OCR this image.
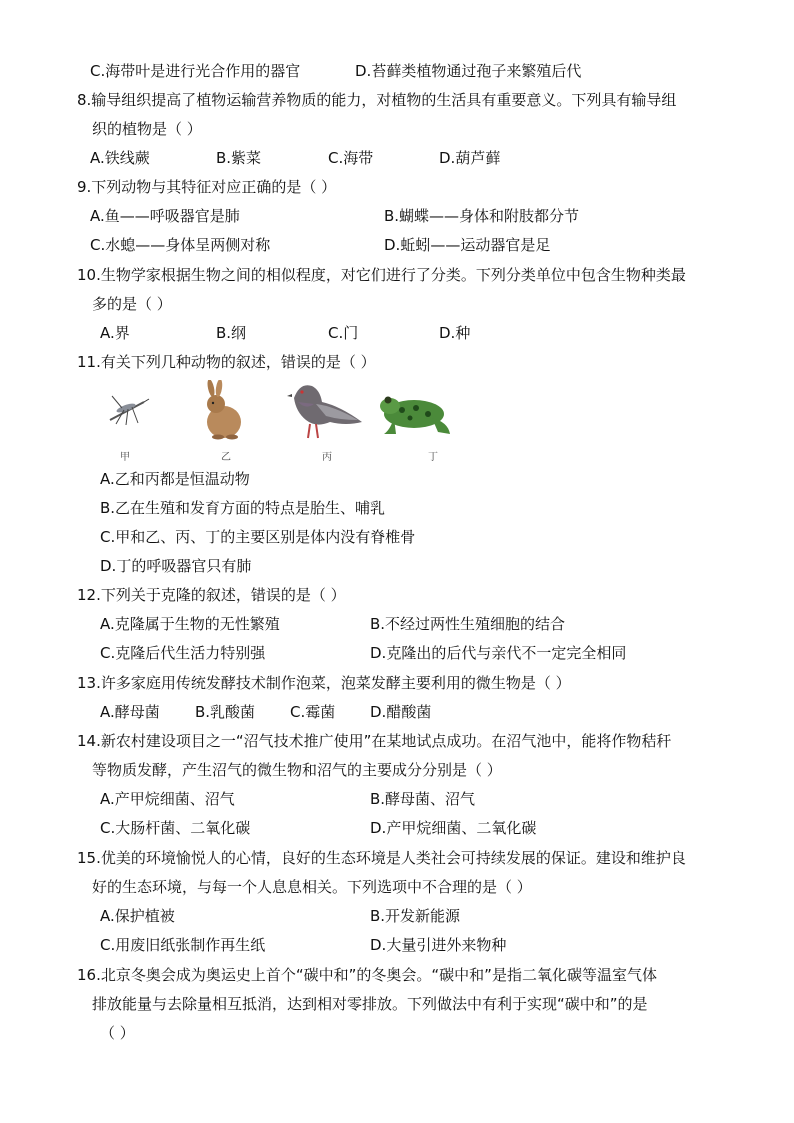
C.海带叶是进行光合作用的器官	D.苔藓类植物通过孢子来繁殖后代
8.输导组织提高了植物运输营养物质的能力，对植物的生活具有重要意义。下列具有输导组
织的植物是（ ）
A.铁线蕨	B.紫菜	C.海带	D.葫芦藓
9.下列动物与其特征对应正确的是（ ）
A.鱼——呼吸器官是肺	B.蝴蝶——身体和附肢都分节
C.水螅——身体呈两侧对称	D.蚯蚓——运动器官是足
10.生物学家根据生物之间的相似程度，对它们进行了分类。下列分类单位中包含生物种类最
多的是（ ）
A.界	B.纲	C.门	D.种
11.有关下列几种动物的叙述，错误的是（ ）
甲	乙	丙	丁
A.乙和丙都是恒温动物
B.乙在生殖和发育方面的特点是胎生、哺乳
C.甲和乙、丙、丁的主要区别是体内没有脊椎骨
D.丁的呼吸器官只有肺
12.下列关于克隆的叙述，错误的是（ ）
A.克隆属于生物的无性繁殖	B.不经过两性生殖细胞的结合
C.克隆后代生活力特别强	D.克隆出的后代与亲代不一定完全相同
13.许多家庭用传统发酵技术制作泡菜，泡菜发酵主要利用的微生物是（ ）
A.酵母菌 B.乳酸菌 C.霉菌 D.醋酸菌
14.新农村建设项目之一“沼气技术推广使用”在某地试点成功。在沼气池中，能将作物秸秆
等物质发酵，产生沼气的微生物和沼气的主要成分分别是（ ）
A.产甲烷细菌、沼气	B.酵母菌、沼气
C.大肠杆菌、二氧化碳	D.产甲烷细菌、二氧化碳
15.优美的环境愉悦人的心情，良好的生态环境是人类社会可持续发展的保证。建设和维护良
好的生态环境，与每一个人息息相关。下列选项中不合理的是（ ）
A.保护植被	B.开发新能源
C.用废旧纸张制作再生纸	D.大量引进外来物种
16.北京冬奥会成为奥运史上首个“碳中和”的冬奥会。“碳中和”是指二氧化碳等温室气体
排放能量与去除量相互抵消，达到相对零排放。下列做法中有利于实现“碳中和”的是
（ ）
